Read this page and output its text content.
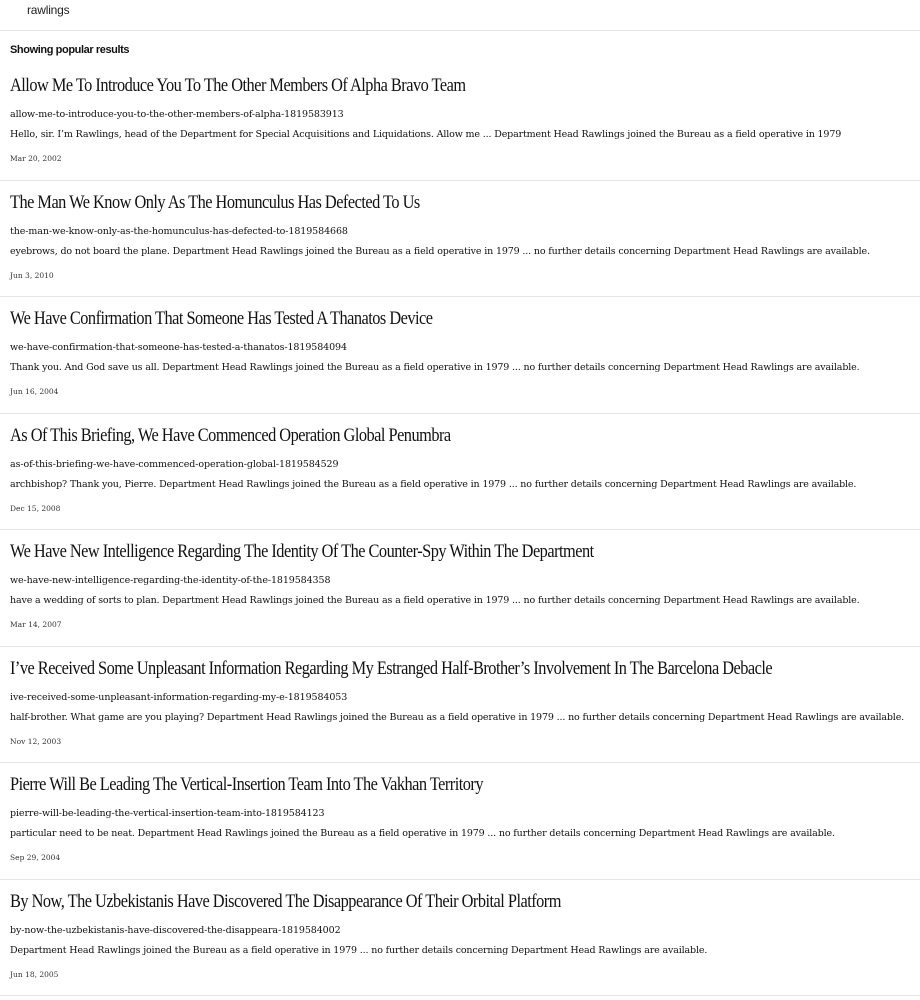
rawlings
Showing popular results
Allow Me To Introduce You To The Other Members Of Alpha Bravo Team
allow-me-to-introduce-you-to-the-other-members-of-alpha-1819583913
Hello, sir. I’m Rawlings, head of the Department for Special Acquisitions and Liquidations. Allow me ... Department Head Rawlings joined the Bureau as a field operative in 1979
Mar 20, 2002
The Man We Know Only As The Homunculus Has Defected To Us
the-man-we-know-only-as-the-homunculus-has-defected-to-1819584668
eyebrows, do not board the plane. Department Head Rawlings joined the Bureau as a field operative in 1979 ... no further details concerning Department Head Rawlings are available.
Jun 3, 2010
We Have Confirmation That Someone Has Tested A Thanatos Device
we-have-confirmation-that-someone-has-tested-a-thanatos-1819584094
Thank you. And God save us all. Department Head Rawlings joined the Bureau as a field operative in 1979 ... no further details concerning Department Head Rawlings are available.
Jun 16, 2004
As Of This Briefing, We Have Commenced Operation Global Penumbra
as-of-this-briefing-we-have-commenced-operation-global-1819584529
archbishop? Thank you, Pierre. Department Head Rawlings joined the Bureau as a field operative in 1979 ... no further details concerning Department Head Rawlings are available.
Dec 15, 2008
We Have New Intelligence Regarding The Identity Of The Counter-Spy Within The Department
we-have-new-intelligence-regarding-the-identity-of-the-1819584358
have a wedding of sorts to plan. Department Head Rawlings joined the Bureau as a field operative in 1979 ... no further details concerning Department Head Rawlings are available.
Mar 14, 2007
I’ve Received Some Unpleasant Information Regarding My Estranged Half-Brother’s Involvement In The Barcelona Debacle
ive-received-some-unpleasant-information-regarding-my-e-1819584053
half-brother. What game are you playing? Department Head Rawlings joined the Bureau as a field operative in 1979 ... no further details concerning Department Head Rawlings are available.
Nov 12, 2003
Pierre Will Be Leading The Vertical-Insertion Team Into The Vakhan Territory
pierre-will-be-leading-the-vertical-insertion-team-into-1819584123
particular need to be neat. Department Head Rawlings joined the Bureau as a field operative in 1979 ... no further details concerning Department Head Rawlings are available.
Sep 29, 2004
By Now, The Uzbekistanis Have Discovered The Disappearance Of Their Orbital Platform
by-now-the-uzbekistanis-have-discovered-the-disappeara-1819584002
Department Head Rawlings joined the Bureau as a field operative in 1979 ... no further details concerning Department Head Rawlings are available.
Jun 18, 2005
